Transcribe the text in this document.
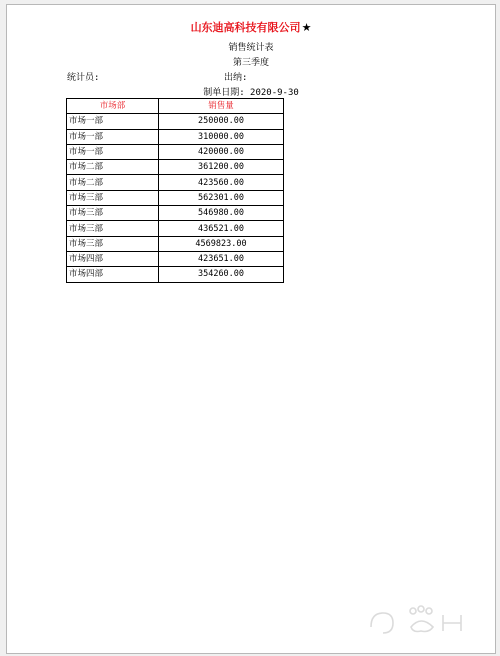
山东迪高科技有限公司★
销售统计表
第三季度
统计员:	出纳:
制单日期: 2020-9-30
市场部	销售量
市场一部	250000.00
市场一部	310000.00
市场一部	420000.00
市场二部	361200.00
市场二部	423560.00
市场三部	562301.00
市场三部	546980.00
市场三部	436521.00
市场三部	4569823.00
市场四部	423651.00
市场四部	354260.00
